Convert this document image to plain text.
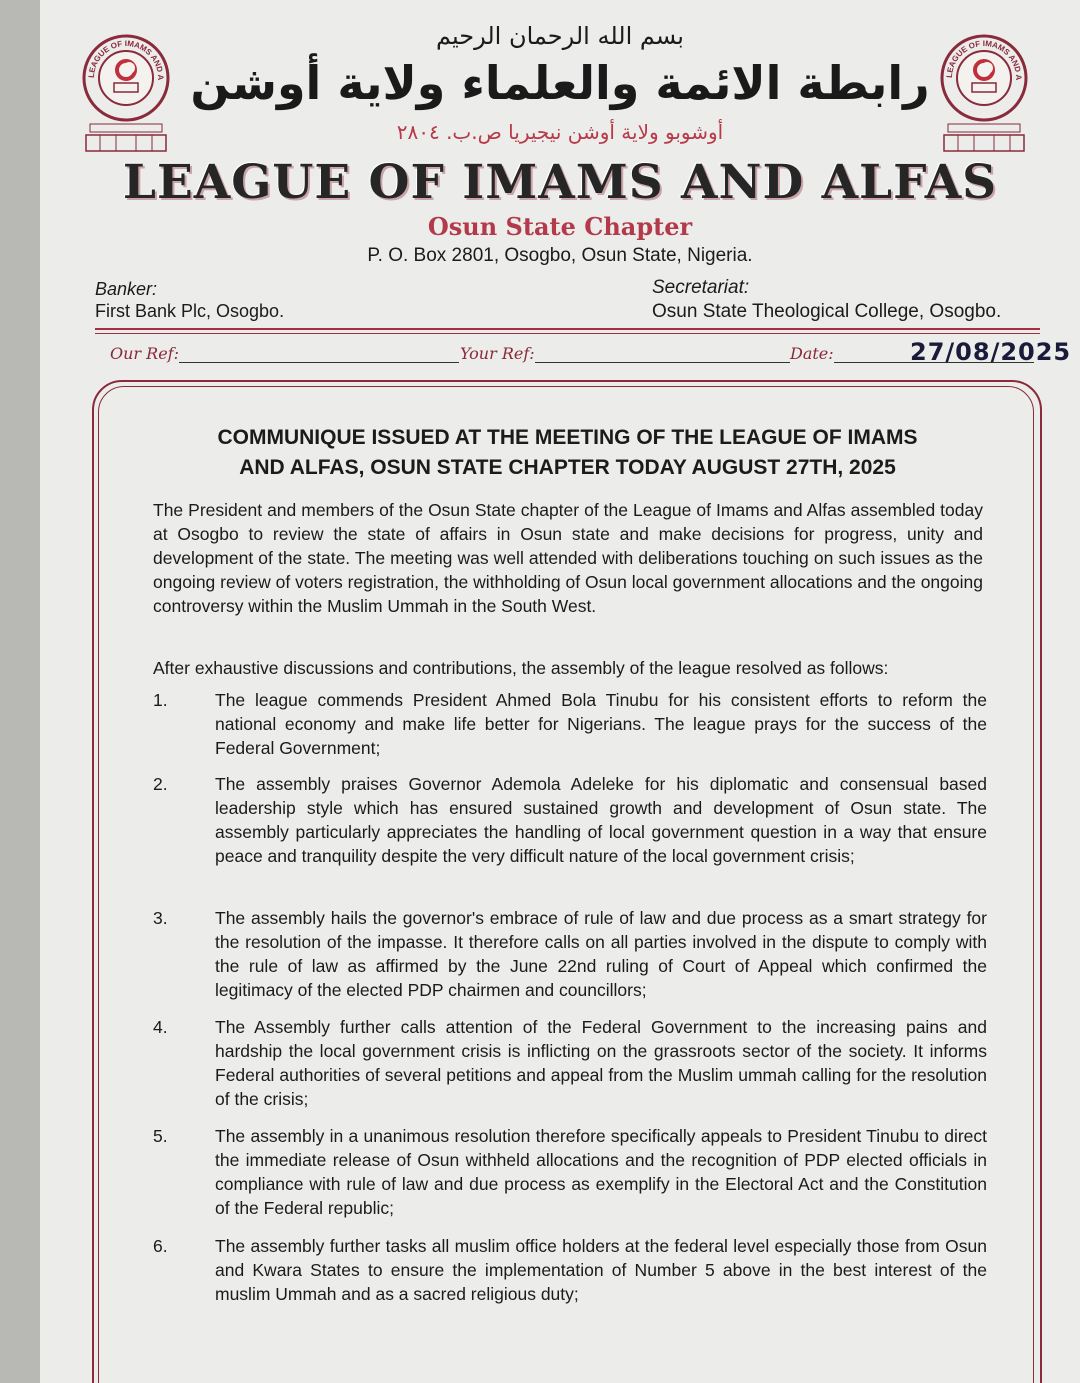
LEAGUE OF IMAMS AND A	LEAGUE OF IMAMS AND A
بسم الله الرحمان الرحيم
رابطة الائمة والعلماء ولاية أوشن
أوشوبو ولاية أوشن نيجيريا ص.ب. ٢٨٠٤
LEAGUE OF IMAMS AND ALFAS
Osun State Chapter
P. O. Box 2801, Osogbo, Osun State, Nigeria.
Banker:
First Bank Plc, Osogbo.
Secretariat:
Osun State Theological College, Osogbo.
Our Ref:	Your Ref:	Date:	27/08/2025
COMMUNIQUE ISSUED AT THE MEETING OF THE LEAGUE OF IMAMS
AND ALFAS, OSUN STATE CHAPTER TODAY AUGUST 27TH, 2025
The President and members of the Osun State chapter of the League of Imams and Alfas assembled today at Osogbo to review the state of affairs in Osun state and make decisions for progress, unity and development of the state. The meeting was well attended with deliberations touching on such issues as the ongoing review of voters registration, the withholding of Osun local government allocations and the ongoing controversy within the Muslim Ummah in the South West.
After exhaustive discussions and contributions, the assembly of the league resolved as follows:
1.	The league commends President Ahmed Bola Tinubu for his consistent efforts to reform the national economy and make life better for Nigerians. The league prays for the success of the Federal Government;
2.	The assembly praises Governor Ademola Adeleke for his diplomatic and consensual based leadership style which has ensured sustained growth and development of Osun state. The assembly particularly appreciates the handling of local government question in a way that ensure peace and tranquility despite the very difficult nature of the local government crisis;
3.	The assembly hails the governor's embrace of rule of law and due process as a smart strategy for the resolution of the impasse. It therefore calls on all parties involved in the dispute to comply with the rule of law as affirmed by the June 22nd ruling of Court of Appeal which confirmed the legitimacy of the elected PDP chairmen and councillors;
4.	The Assembly further calls attention of the Federal Government to the increasing pains and hardship the local government crisis is inflicting on the grassroots sector of the society. It informs Federal authorities of several petitions and appeal from the Muslim ummah calling for the resolution of the crisis;
5.	The assembly in a unanimous resolution therefore specifically appeals to President Tinubu to direct the immediate release of Osun withheld allocations and the recognition of PDP elected officials in compliance with rule of law and due process as exemplify in the Electoral Act and the Constitution of the Federal republic;
6.	The assembly further tasks all muslim office holders at the federal level especially those from Osun and Kwara States to ensure the implementation of Number 5 above in the best interest of the muslim Ummah and as a sacred religious duty;
